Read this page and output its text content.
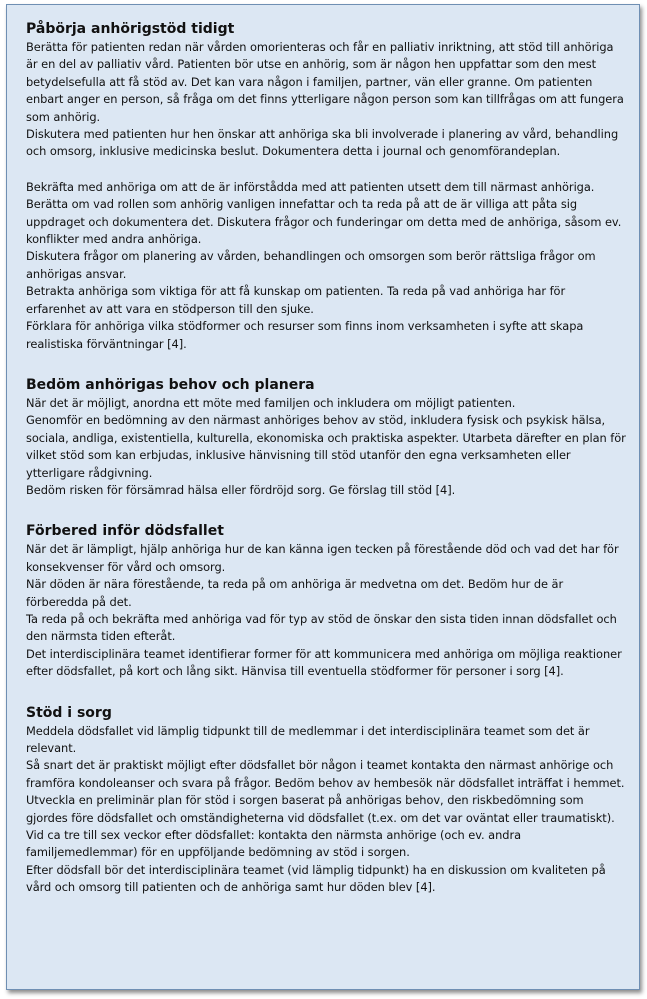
Påbörja anhörigstöd tidigt

Berätta för patienten redan när vården omorienteras och får en palliativ inriktning, att stöd till anhöriga är en del av palliativ vård. Patienten bör utse en anhörig, som är någon hen uppfattar som den mest betydelsefulla att få stöd av. Det kan vara någon i familjen, partner, vän eller granne. Om patienten enbart anger en person, så fråga om det finns ytterligare någon person som kan tillfrågas om att fungera som anhörig.

Diskutera med patienten hur hen önskar att anhöriga ska bli involverade i planering av vård, behandling och omsorg, inklusive medicinska beslut. Dokumentera detta i journal och genomförandeplan.

Bekräfta med anhöriga om att de är införstådda med att patienten utsett dem till närmast anhöriga. Berätta om vad rollen som anhörig vanligen innefattar och ta reda på att de är villiga att påta sig uppdraget och dokumentera det. Diskutera frågor och funderingar om detta med de anhöriga, såsom ev. konflikter med andra anhöriga.

Diskutera frågor om planering av vården, behandlingen och omsorgen som berör rättsliga frågor om anhörigas ansvar.

Betrakta anhöriga som viktiga för att få kunskap om patienten. Ta reda på vad anhöriga har för erfarenhet av att vara en stödperson till den sjuke.

Förklara för anhöriga vilka stödformer och resurser som finns inom verksamheten i syfte att skapa realistiska förväntningar [4].

Bedöm anhörigas behov och planera

När det är möjligt, anordna ett möte med familjen och inkludera om möjligt patienten.

Genomför en bedömning av den närmast anhöriges behov av stöd, inkludera fysisk och psykisk hälsa, sociala, andliga, existentiella, kulturella, ekonomiska och praktiska aspekter. Utarbeta därefter en plan för vilket stöd som kan erbjudas, inklusive hänvisning till stöd utanför den egna verksamheten eller ytterligare rådgivning.

Bedöm risken för försämrad hälsa eller fördröjd sorg. Ge förslag till stöd [4].

Förbered inför dödsfallet

När det är lämpligt, hjälp anhöriga hur de kan känna igen tecken på förestående död och vad det har för konsekvenser för vård och omsorg.

När döden är nära förestående, ta reda på om anhöriga är medvetna om det. Bedöm hur de är förberedda på det.

Ta reda på och bekräfta med anhöriga vad för typ av stöd de önskar den sista tiden innan dödsfallet och den närmsta tiden efteråt.

Det interdisciplinära teamet identifierar former för att kommunicera med anhöriga om möjliga reaktioner efter dödsfallet, på kort och lång sikt. Hänvisa till eventuella stödformer för personer i sorg [4].

Stöd i sorg

Meddela dödsfallet vid lämplig tidpunkt till de medlemmar i det interdisciplinära teamet som det är relevant.

Så snart det är praktiskt möjligt efter dödsfallet bör någon i teamet kontakta den närmast anhörige och framföra kondoleanser och svara på frågor. Bedöm behov av hembesök när dödsfallet inträffat i hemmet.

Utveckla en preliminär plan för stöd i sorgen baserat på anhörigas behov, den riskbedömning som gjordes före dödsfallet och omständigheterna vid dödsfallet (t.ex. om det var oväntat eller traumatiskt).

Vid ca tre till sex veckor efter dödsfallet: kontakta den närmsta anhörige (och ev. andra familjemedlemmar) för en uppföljande bedömning av stöd i sorgen.

Efter dödsfall bör det interdisciplinära teamet (vid lämplig tidpunkt) ha en diskussion om kvaliteten på vård och omsorg till patienten och de anhöriga samt hur döden blev [4].
